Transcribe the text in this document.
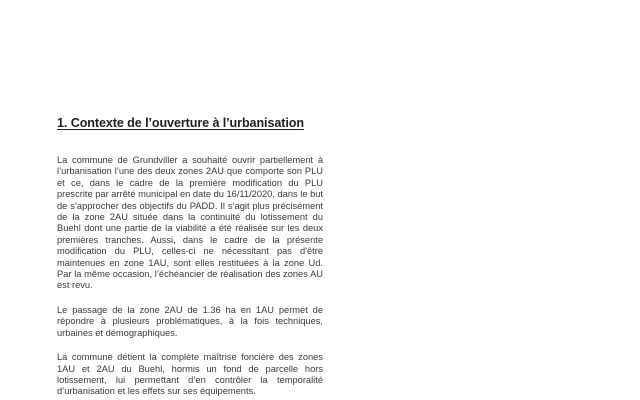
1. Contexte de l’ouverture à l’urbanisation

La commune de Grundviller a souhaité ouvrir partiellement à l’urbanisation l’une des deux zones 2AU que comporte son PLU et ce, dans le cadre de la première modification du PLU prescrite par arrêté municipal en date du 16/11/2020, dans le but de s’approcher des objectifs du PADD. Il s’agit plus précisément de la zone 2AU située dans la continuité du lotissement du Buehl dont une partie de la viabilité a été réalisée sur les deux premières tranches. Aussi, dans le cadre de la présente modification du PLU, celles-ci ne nécessitant pas d'être maintenues en zone 1AU, sont elles restituées à la zone Ud. Par la même occasion, l’échéancier de réalisation des zones AU est revu.

Le passage de la zone 2AU de 1.36 ha en 1AU permet de répondre à plusieurs problématiques, à la fois techniques, urbaines et démographiques.

La commune détient la complète maîtrise foncière des zones 1AU et 2AU du Buehl, hormis un fond de parcelle hors lotissement, lui permettant d’en contrôler la temporalité d’urbanisation et les effets sur ses équipements.
